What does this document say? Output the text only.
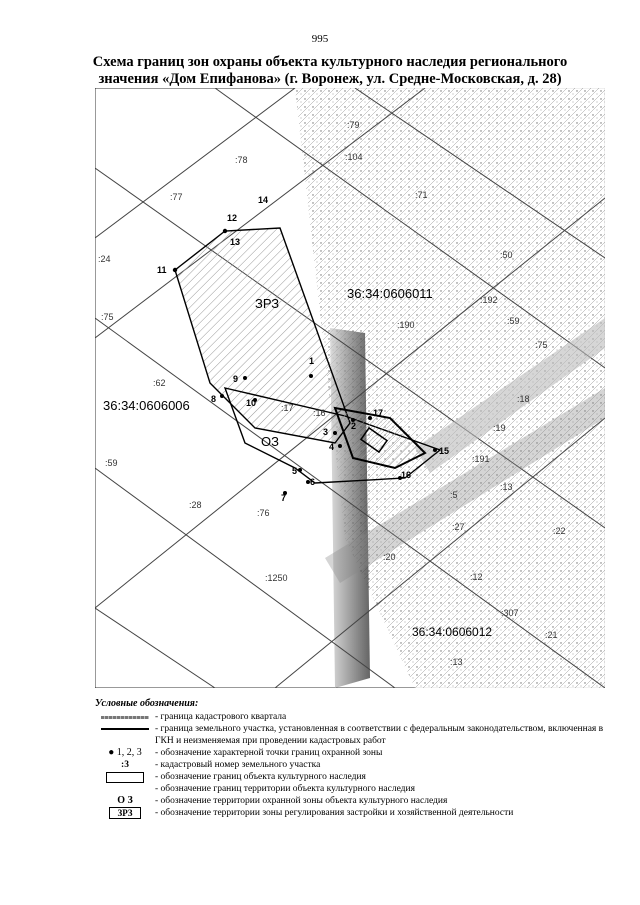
995
Схема границ зон охраны объекта культурного наследия регионального
значения «Дом Епифанова» (г. Воронеж, ул. Средне-Московская, д. 28)
1
2
3
4
5
6
7
8
9
10
11
12
13
14
15
16
17
ЗРЗ
ОЗ
36:34:0606011
36:34:0606006
36:34:0606012
:79
:78
:77	:71
:104
:24
:75
:190
:192
:50
:59
:62
:17 :16
:18
:19
:191
:13
:5
:28
:76
:27
:20
:22
:1250	:12
:307
:21
:13
:75
:59
Условные обозначения:
- граница кадастрового квартала
- граница земельного участка, установленная в соответствии с федеральным законодательством, включенная в ГКН и неизменяемая при проведении кадастровых работ
● 1, 2, 3 - обозначение характерной точки границ охранной зоны
:3	- кадастровый номер земельного участка
- обозначение границ объекта культурного наследия
- обозначение границ территории объекта культурного наследия
О З - обозначение территории охранной зоны объекта культурного наследия
ЗРЗ	- обозначение территории зоны регулирования застройки и хозяйственной деятельности
